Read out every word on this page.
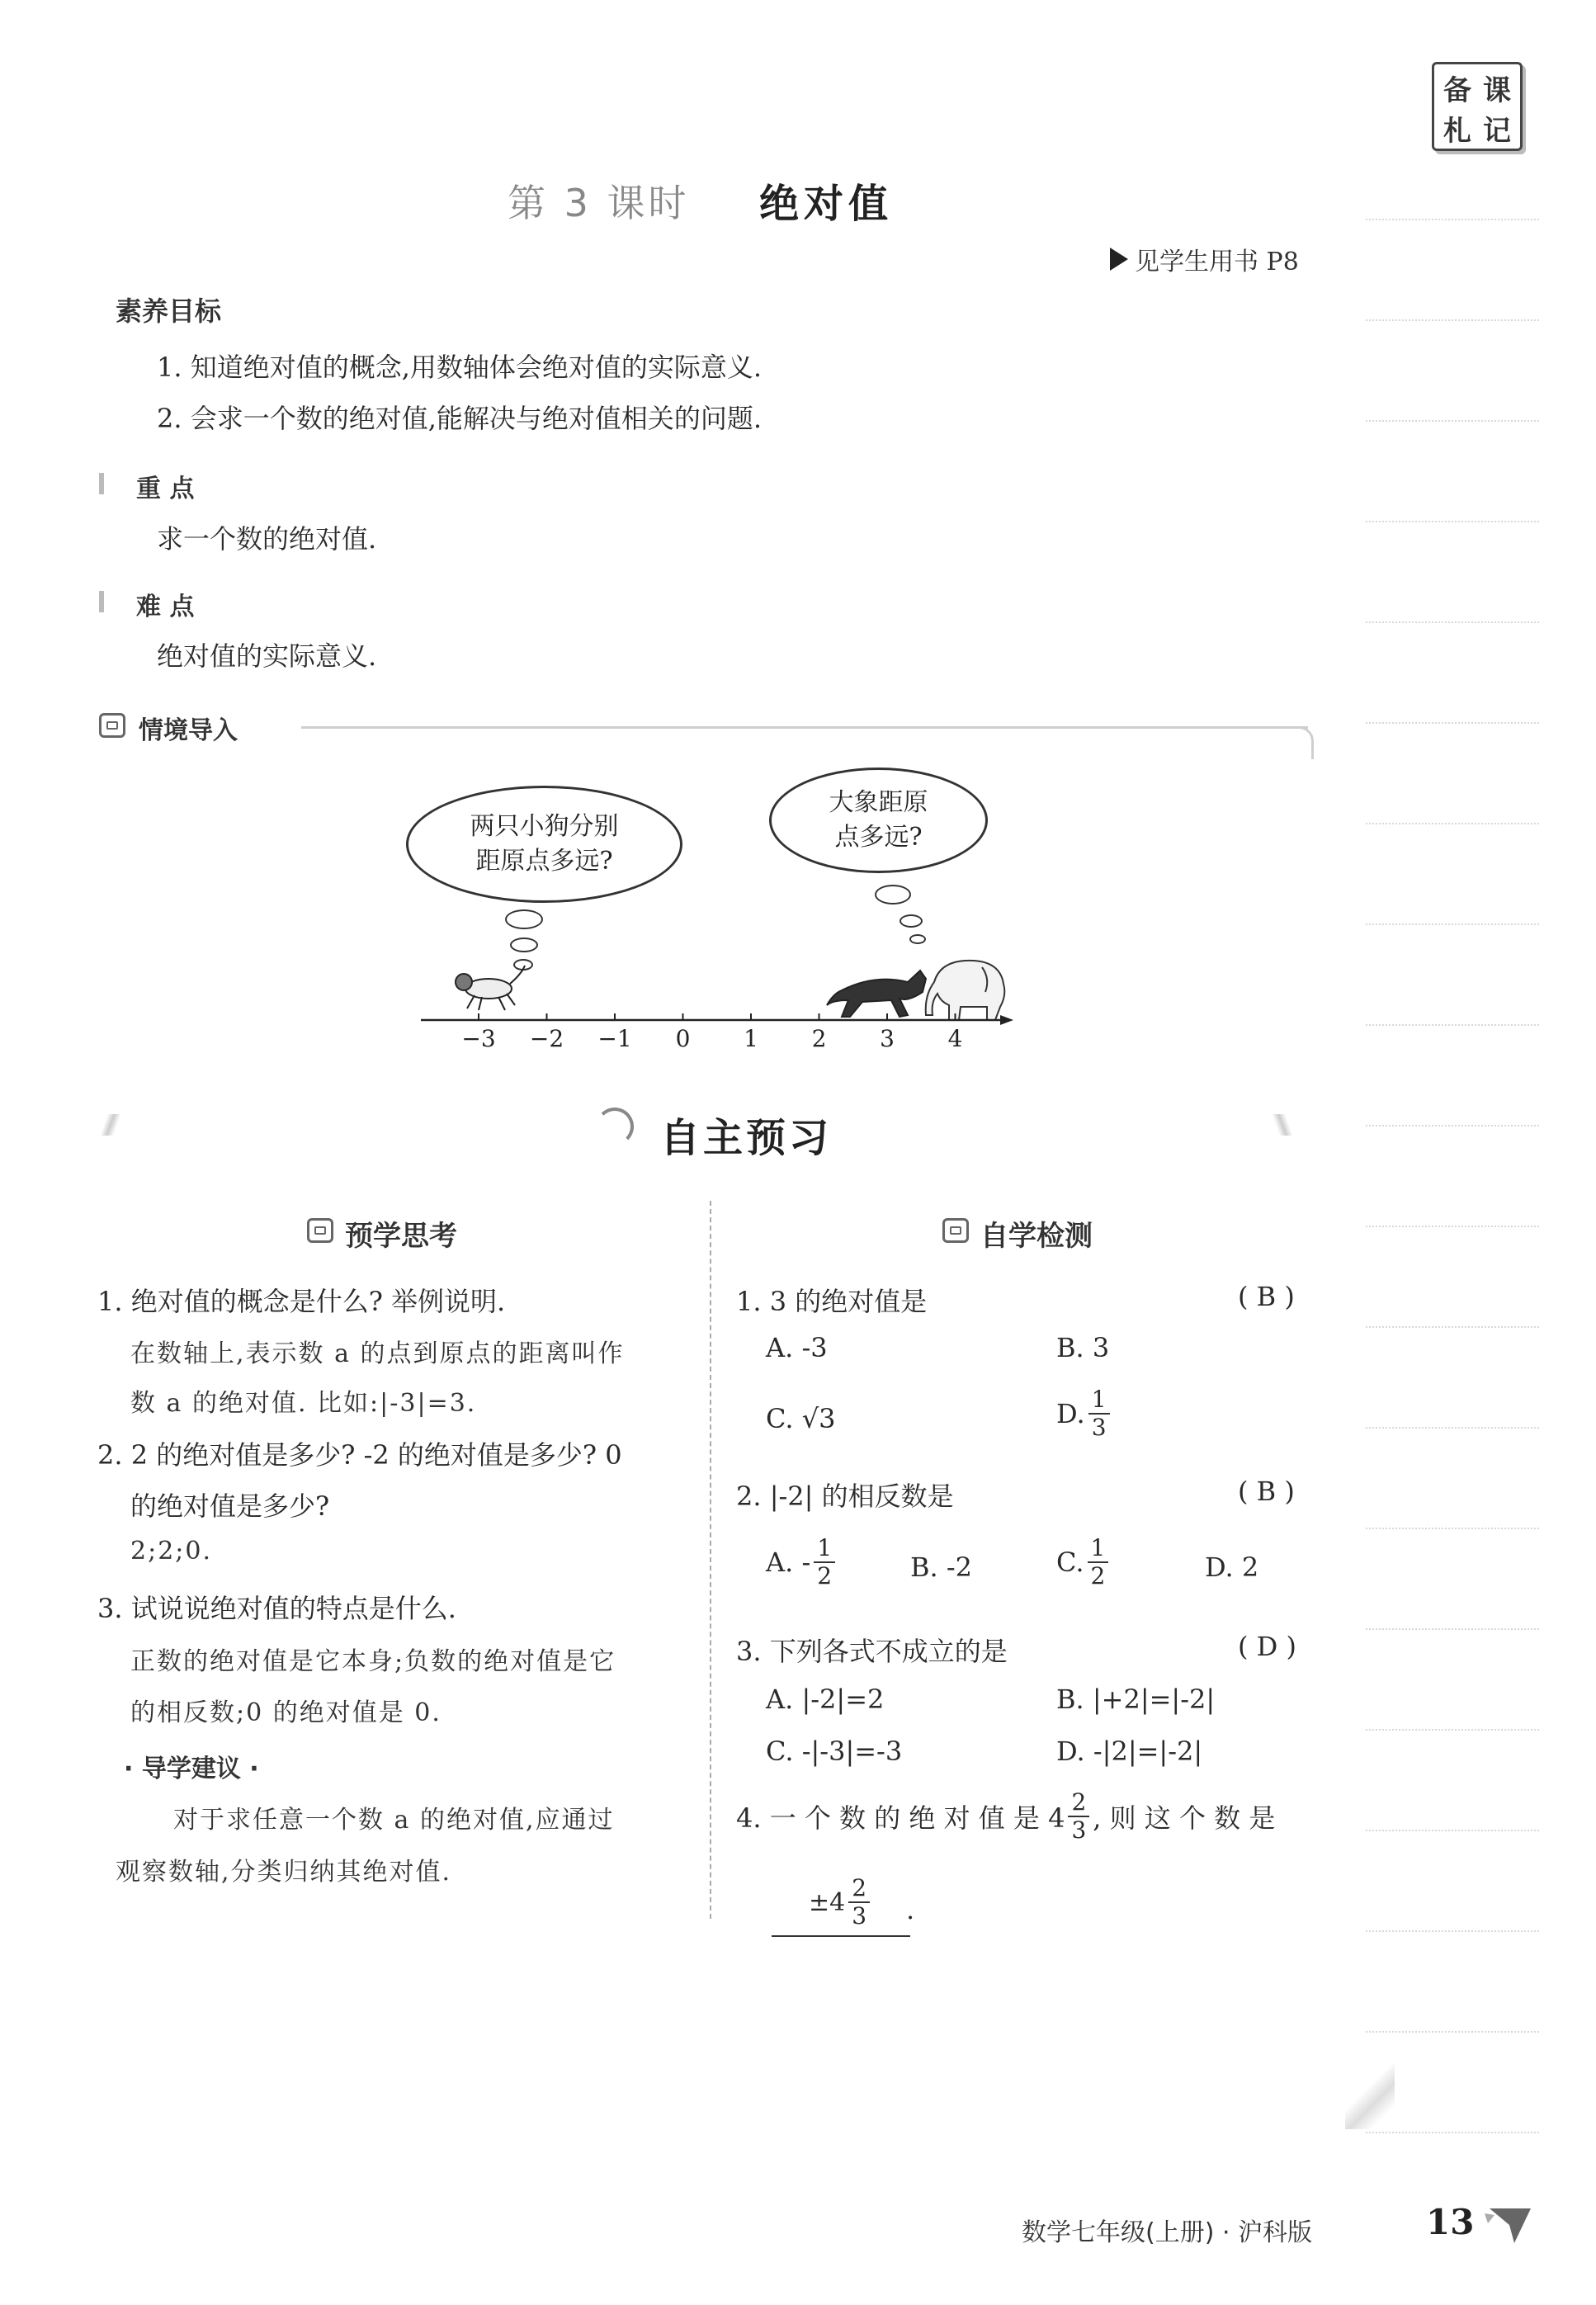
备 课
札 记
第 3 课时 绝对值
见学生用书 P8
素养目标
1. 知道绝对值的概念,用数轴体会绝对值的实际意义.
2. 会求一个数的绝对值,能解决与绝对值相关的问题.
重 点
求一个数的绝对值.
难 点
绝对值的实际意义.
情境导入
两只小狗分别
距原点多远?
大象距原
点多远?
−3 −2 −1 0 1 2 3 4
自主预习
预学思考
1. 绝对值的概念是什么? 举例说明.
在数轴上,表示数 a 的点到原点的距离叫作
数 a 的绝对值. 比如:|-3|=3.
2. 2 的绝对值是多少? -2 的绝对值是多少? 0
的绝对值是多少?
2;2;0.
3. 试说说绝对值的特点是什么.
正数的绝对值是它本身;负数的绝对值是它
的相反数;0 的绝对值是 0.
· 导学建议 ·
对于求任意一个数 a 的绝对值,应通过
观察数轴,分类归纳其绝对值.
自学检测
1. 3 的绝对值是	( B )
A. -3	B. 3
C. √3	D. $\frac{1}{3}$
2. |-2| 的相反数是	( B )
A. - $\frac{1}{2}$	B. -2	C. $\frac{1}{2}$	D. 2
3. 下列各式不成立的是	( D )
A. |-2|=2	B. |+2|=|-2|
C. -|-3|=-3	D. -|2|=|-2|
4. 一 个 数 的 绝 对 值 是 $4 \frac{2}{3}$ , 则 这 个 数 是
$\pm 4 \frac{2}{3}$ .
数学七年级(上册) · 沪科版	13
